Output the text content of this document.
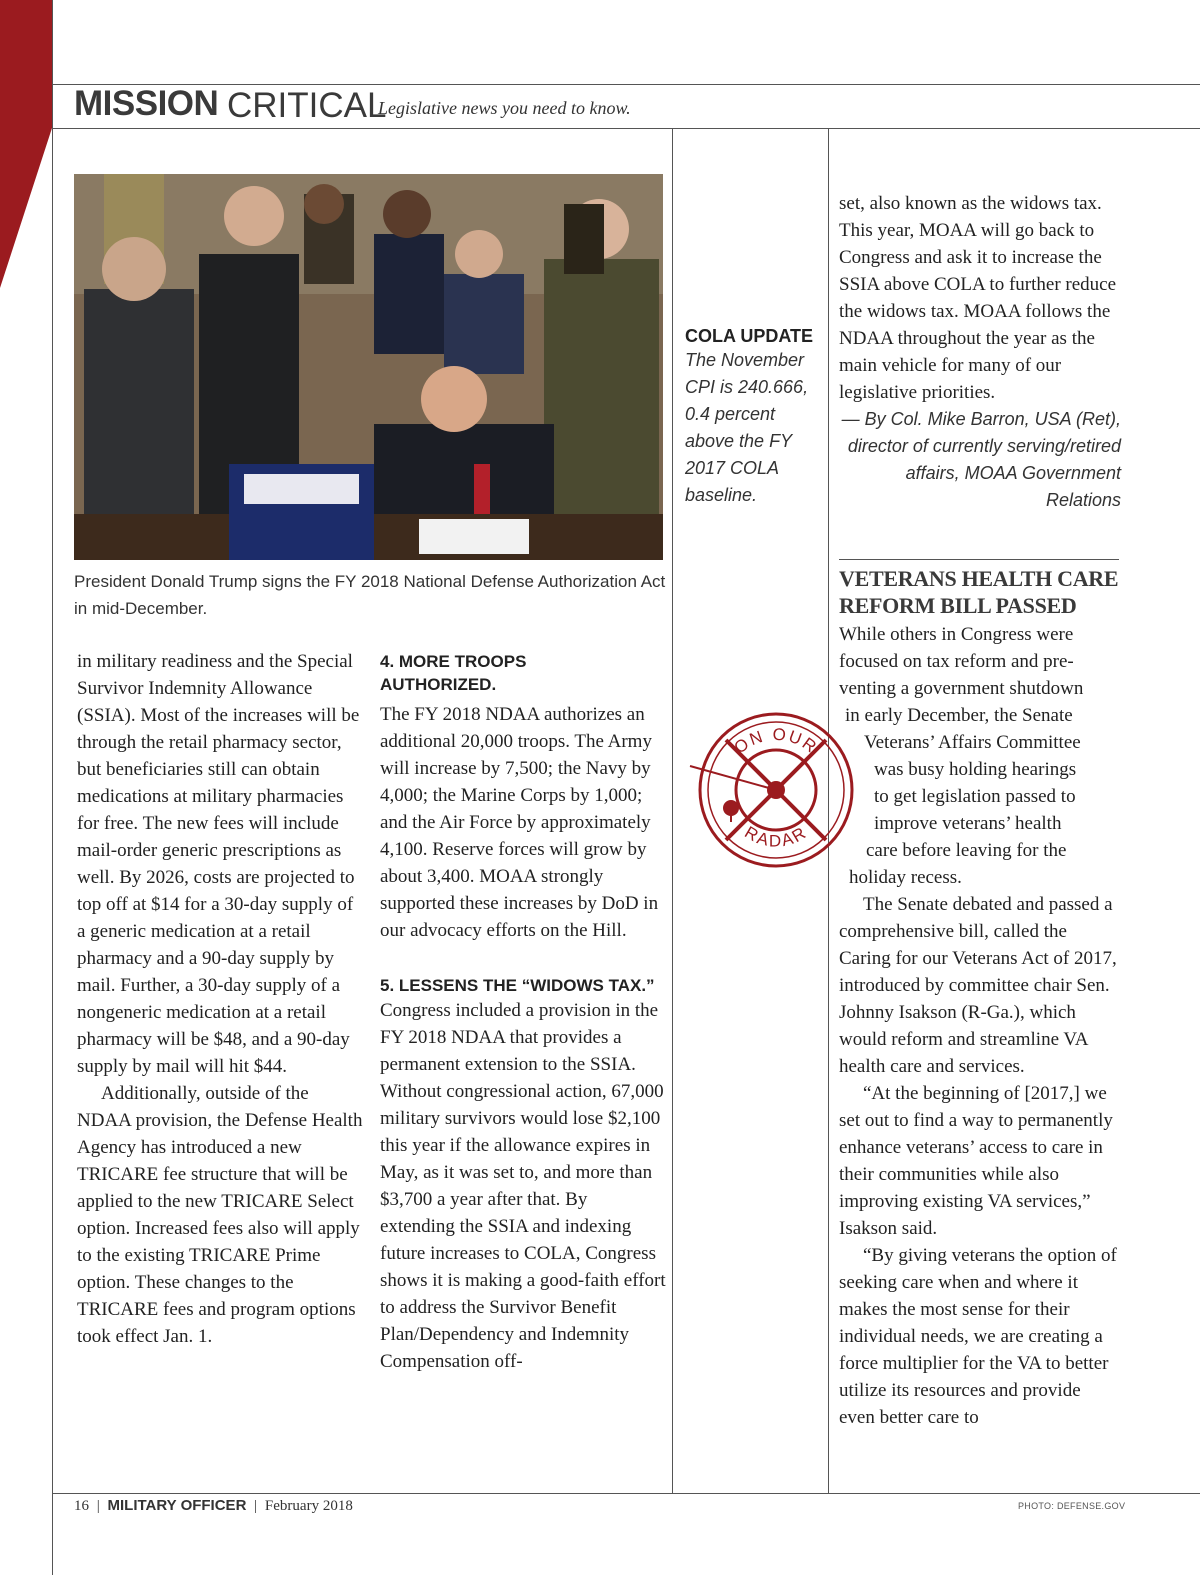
MISSION CRITICAL
Legislative news you need to know.
President Donald Trump signs the FY 2018 National Defense Authorization Act in mid-December.

in military readiness and the Special Survivor Indemnity Allowance (SSIA). Most of the increases will be through the retail pharmacy sector, but beneficiaries still can obtain medications at military pharmacies for free. The new fees will include mail-order generic prescriptions as well. By 2026, costs are projected to top off at $14 for a 30-day supply of a generic medication at a retail pharmacy and a 90-day supply by mail. Further, a 30-day supply of a nongeneric medication at a retail pharmacy will be $48, and a 90-day supply by mail will hit $44.

Additionally, outside of the NDAA provision, the Defense Health Agency has introduced a new TRICARE fee structure that will be applied to the new TRICARE Select option. Increased fees also will apply to the existing TRICARE Prime option. These changes to the TRICARE fees and program options took effect Jan. 1.

4. MORE TROOPS AUTHORIZED.

The FY 2018 NDAA authorizes an additional 20,000 troops. The Army will increase by 7,500; the Navy by 4,000; the Marine Corps by 1,000; and the Air Force by approximately 4,100. Reserve forces will grow by about 3,400. MOAA strongly supported these increases by DoD in our advocacy efforts on the Hill.

5. LESSENS THE “WIDOWS TAX.”

Congress included a provision in the FY 2018 NDAA that provides a permanent extension to the SSIA. Without congressional action, 67,000 military survivors would lose $2,100 this year if the allowance expires in May, as it was set to, and more than $3,700 a year after that. By extending the SSIA and indexing future increases to COLA, Congress shows it is making a good-faith effort to address the Survivor Benefit Plan/Dependency and Indemnity Compensation off-

COLA UPDATE
The November CPI is 240.666, 0.4 percent above the FY 2017 COLA baseline.

set, also known as the widows tax. This year, MOAA will go back to Congress and ask it to increase the SSIA above COLA to further reduce the widows tax. MOAA follows the NDAA throughout the year as the main vehicle for many of our legislative priorities.

— By Col. Mike Barron, USA (Ret), director of currently serving/retired affairs, MOAA Government Relations
VETERANS HEALTH CARE REFORM BILL PASSED
While others in Congress were
focused on tax reform and pre-
venting a government shutdown
in early December, the Senate
Veterans’ Affairs Committee
was busy holding hearings
to get legislation passed to
improve veterans’ health
care before leaving for the
holiday recess.

The Senate debated and passed a comprehensive bill, called the Caring for our Veterans Act of 2017, introduced by committee chair Sen. Johnny Isakson (R-Ga.), which would reform and streamline VA health care and services.

“At the beginning of [2017,] we set out to find a way to permanently enhance veterans’ access to care in their communities while also improving existing VA services,” Isakson said.

“By giving veterans the option of seeking care when and where it makes the most sense for their individual needs, we are creating a force multiplier for the VA to better utilize its resources and provide even better care to

ON OUR
RADAR
16 | MILITARY OFFICER | February 2018	PHOTO: DEFENSE.GOV
